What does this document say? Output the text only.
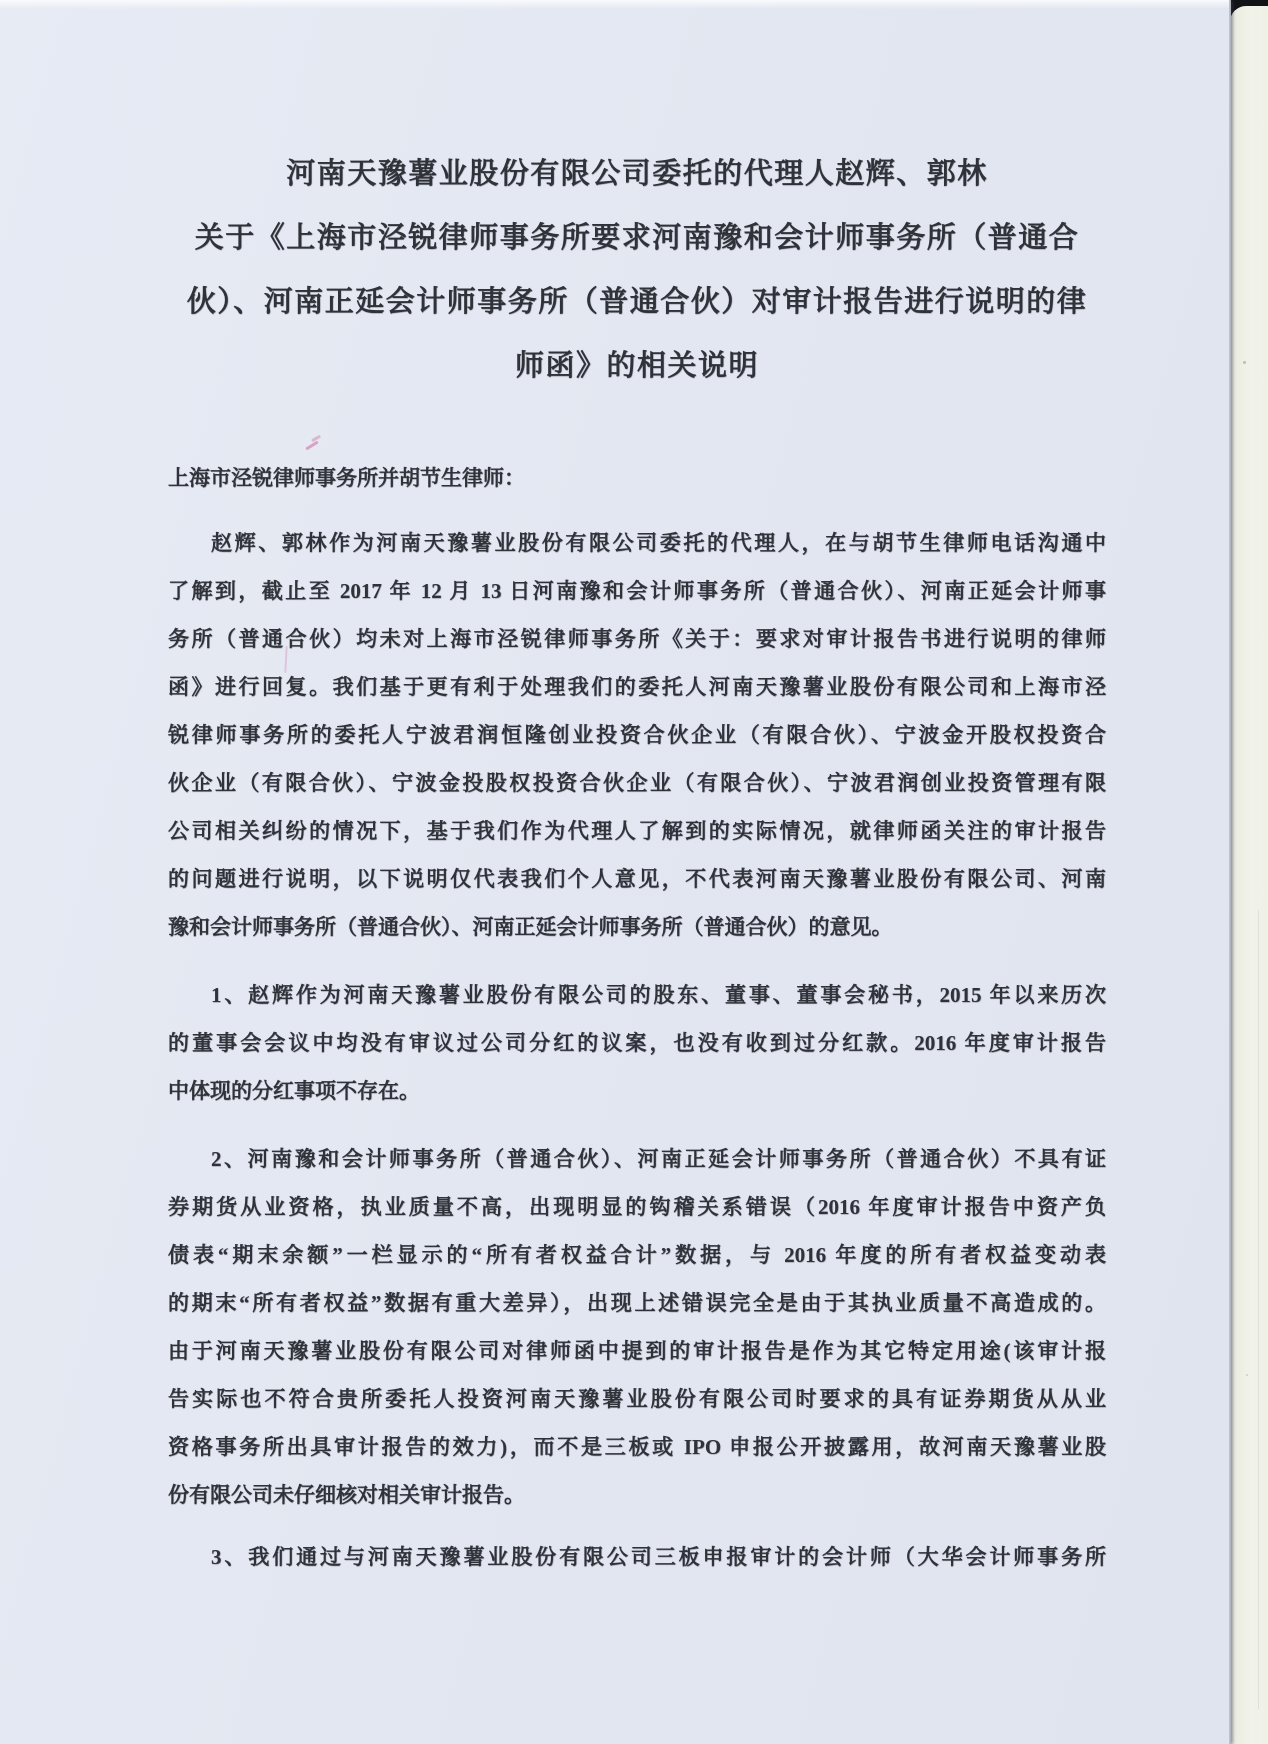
河南天豫薯业股份有限公司委托的代理人赵辉、郭林
关于《上海市泾锐律师事务所要求河南豫和会计师事务所（普通合
伙）、河南正延会计师事务所（普通合伙）对审计报告进行说明的律
师函》的相关说明
上海市泾锐律师事务所并胡节生律师：
赵辉、郭林作为河南天豫薯业股份有限公司委托的代理人，在与胡节生律师电话沟通中
了解到，截止至 2017 年 12 月 13 日河南豫和会计师事务所（普通合伙）、河南正延会计师事
务所（普通合伙）均未对上海市泾锐律师事务所《关于：要求对审计报告书进行说明的律师
函》进行回复。我们基于更有利于处理我们的委托人河南天豫薯业股份有限公司和上海市泾
锐律师事务所的委托人宁波君润恒隆创业投资合伙企业（有限合伙）、宁波金开股权投资合
伙企业（有限合伙）、宁波金投股权投资合伙企业（有限合伙）、宁波君润创业投资管理有限
公司相关纠纷的情况下，基于我们作为代理人了解到的实际情况，就律师函关注的审计报告
的问题进行说明，以下说明仅代表我们个人意见，不代表河南天豫薯业股份有限公司、河南
豫和会计师事务所（普通合伙）、河南正延会计师事务所（普通合伙）的意见。
1、赵辉作为河南天豫薯业股份有限公司的股东、董事、董事会秘书，2015 年以来历次
的董事会会议中均没有审议过公司分红的议案，也没有收到过分红款。2016 年度审计报告
中体现的分红事项不存在。
2、河南豫和会计师事务所（普通合伙）、河南正延会计师事务所（普通合伙）不具有证
券期货从业资格，执业质量不高，出现明显的钩稽关系错误（2016 年度审计报告中资产负
债表“期末余额”一栏显示的“所有者权益合计”数据，与 2016 年度的所有者权益变动表
的期末“所有者权益”数据有重大差异），出现上述错误完全是由于其执业质量不高造成的。
由于河南天豫薯业股份有限公司对律师函中提到的审计报告是作为其它特定用途(该审计报
告实际也不符合贵所委托人投资河南天豫薯业股份有限公司时要求的具有证券期货从从业
资格事务所出具审计报告的效力)，而不是三板或 IPO 申报公开披露用，故河南天豫薯业股
份有限公司未仔细核对相关审计报告。
3、我们通过与河南天豫薯业股份有限公司三板申报审计的会计师（大华会计师事务所
